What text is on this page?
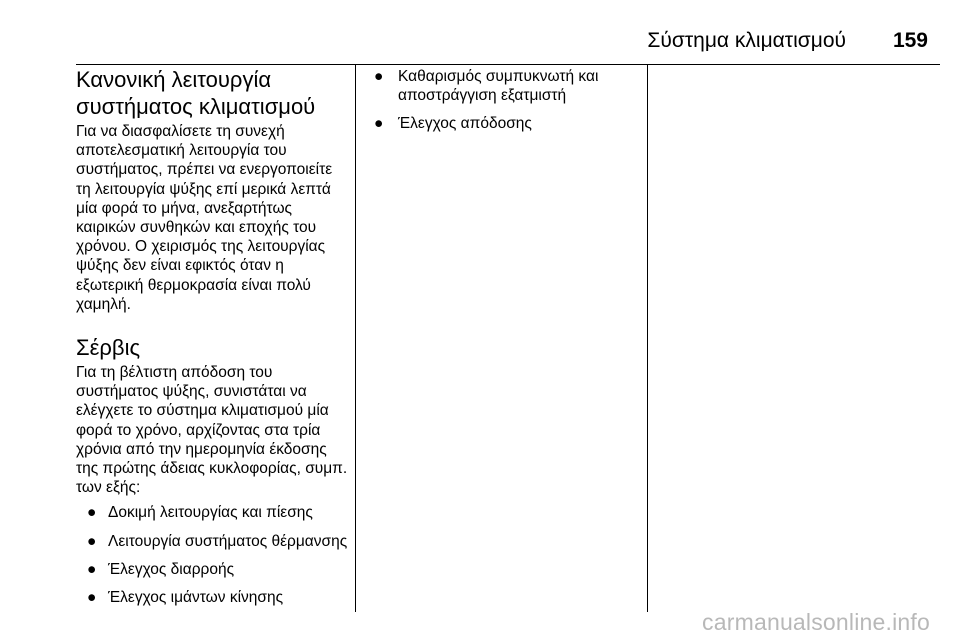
Σύστημα κλιματισμού 159
Κανονική λειτουργία συστήματος κλιματισμού

Για να διασφαλίσετε τη συνεχή αποτελεσματική λειτουργία του συστήματος, πρέπει να ενεργοποιείτε τη λειτουργία ψύξης επί μερικά λεπτά μία φορά το μήνα, ανεξαρτήτως καιρικών συνθηκών και εποχής του χρόνου. Ο χειρισμός της λειτουργίας ψύξης δεν είναι εφικτός όταν η εξωτερική θερμοκρασία είναι πολύ χαμηλή.

Σέρβις

Για τη βέλτιστη απόδοση του συστήματος ψύξης, συνιστάται να ελέγχετε το σύστημα κλιματισμού μία φορά το χρόνο, αρχίζοντας στα τρία χρόνια από την ημερομηνία έκδοσης της πρώτης άδειας κυκλοφορίας, συμπ. των εξής:

● Δοκιμή λειτουργίας και πίεσης
● Λειτουργία συστήματος θέρμανσης
● Έλεγχος διαρροής
● Έλεγχος ιμάντων κίνησης
● Καθαρισμός συμπυκνωτή και αποστράγγιση εξατμιστή
● Έλεγχος απόδοσης
carmanualsonline.info
